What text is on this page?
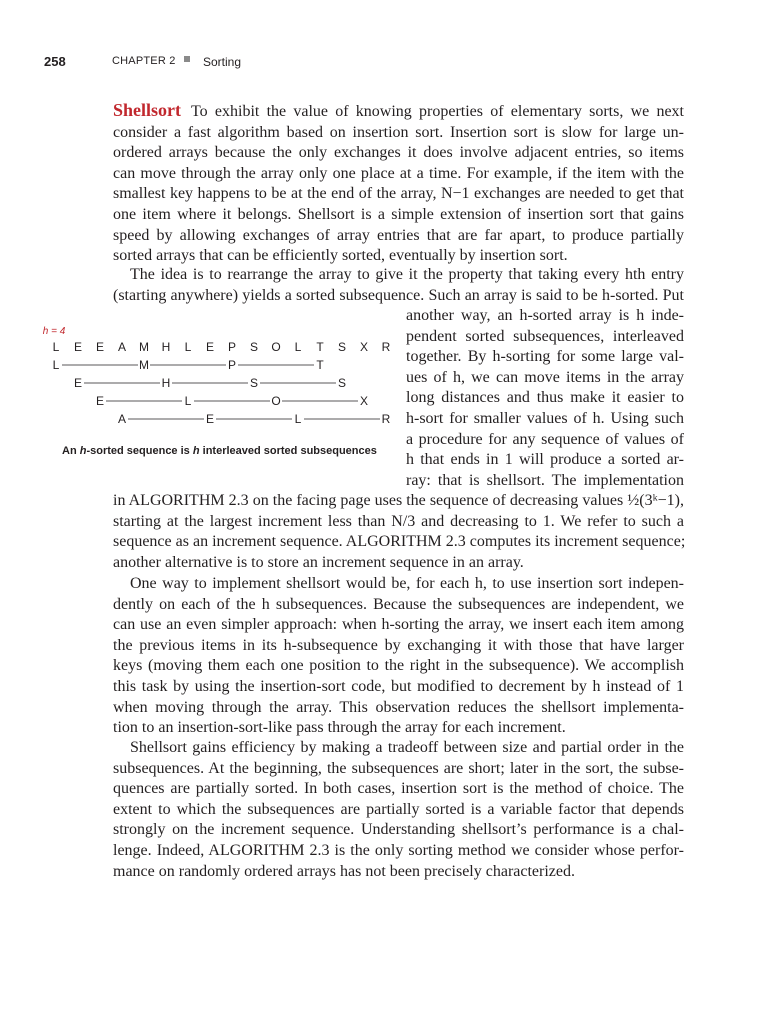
258	CHAPTER 2 Sorting
Shellsort To exhibit the value of knowing properties of elementary sorts, we next
consider a fast algorithm based on insertion sort. Insertion sort is slow for large un-
ordered arrays because the only exchanges it does involve adjacent entries, so items
can move through the array only one place at a time. For example, if the item with the
smallest key happens to be at the end of the array, N−1 exchanges are needed to get that
one item where it belongs. Shellsort is a simple extension of insertion sort that gains
speed by allowing exchanges of array entries that are far apart, to produce partially
sorted arrays that can be efficiently sorted, eventually by insertion sort.
The idea is to rearrange the array to give it the property that taking every hth entry
(starting anywhere) yields a sorted subsequence. Such an array is said to be h-sorted. Put
another way, an h-sorted array is h inde-
pendent sorted subsequences, interleaved
together. By h-sorting for some large val-
ues of h, we can move items in the array
long distances and thus make it easier to
h-sort for smaller values of h. Using such
a procedure for any sequence of values of
h that ends in 1 will produce a sorted ar-
ray: that is shellsort. The implementation
in ALGORITHM 2.3 on the facing page uses the sequence of decreasing values ½(3ᵏ−1),
starting at the largest increment less than N/3 and decreasing to 1. We refer to such a
sequence as an increment sequence. ALGORITHM 2.3 computes its increment sequence;
another alternative is to store an increment sequence in an array.
h = 4
L E E A M H L E P S O L T S X R
L	M	P	T
E	H	S	S
E	L	O	X
A	E	L	R
An h-sorted sequence is h interleaved sorted subsequences
One way to implement shellsort would be, for each h, to use insertion sort indepen-
dently on each of the h subsequences. Because the subsequences are independent, we
can use an even simpler approach: when h-sorting the array, we insert each item among
the previous items in its h-subsequence by exchanging it with those that have larger
keys (moving them each one position to the right in the subsequence). We accomplish
this task by using the insertion-sort code, but modified to decrement by h instead of 1
when moving through the array. This observation reduces the shellsort implementa-
tion to an insertion-sort-like pass through the array for each increment.
Shellsort gains efficiency by making a tradeoff between size and partial order in the
subsequences. At the beginning, the subsequences are short; later in the sort, the subse-
quences are partially sorted. In both cases, insertion sort is the method of choice. The
extent to which the subsequences are partially sorted is a variable factor that depends
strongly on the increment sequence. Understanding shellsort’s performance is a chal-
lenge. Indeed, ALGORITHM 2.3 is the only sorting method we consider whose perfor-
mance on randomly ordered arrays has not been precisely characterized.
